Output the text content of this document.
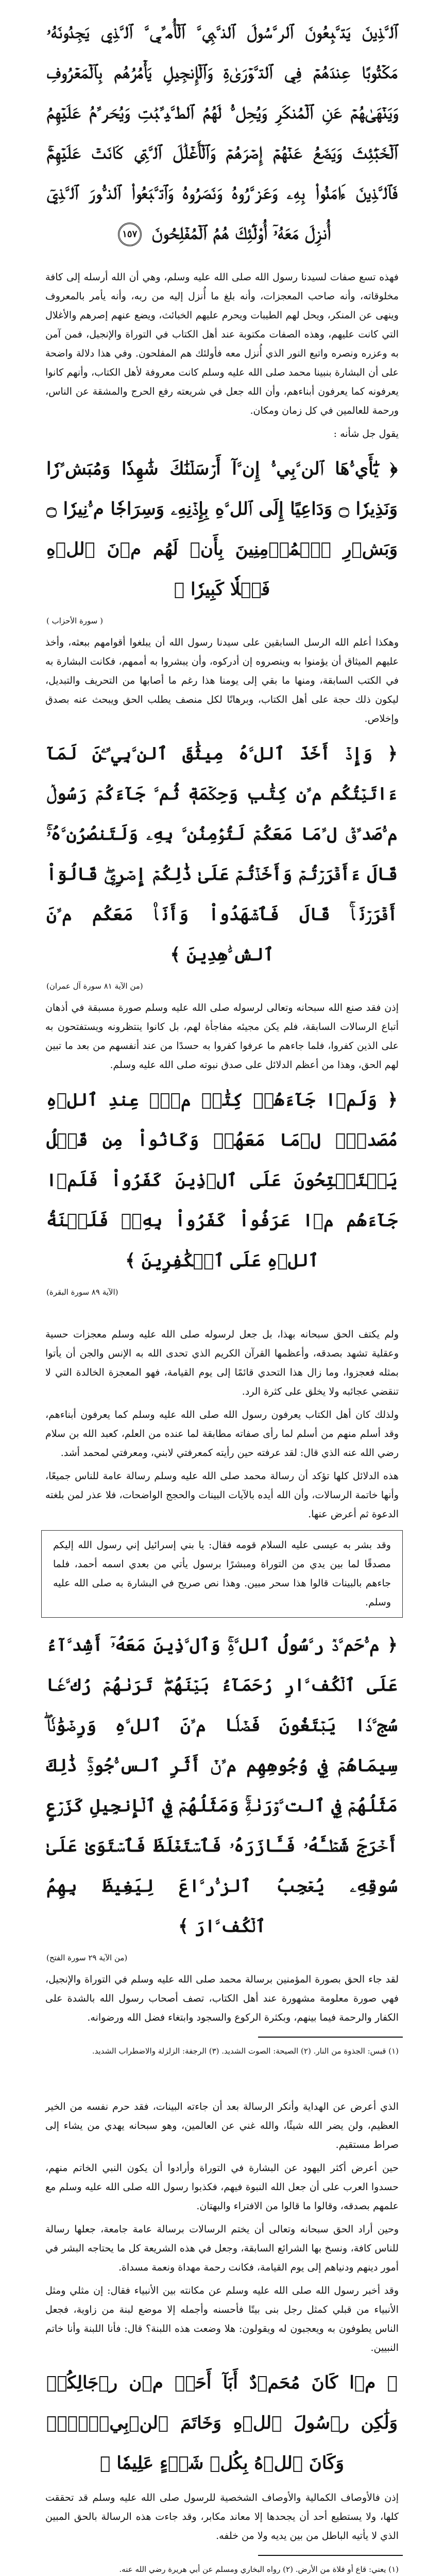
ﭐﻟﱠﺬِﻳﻦَ ﻳَﺘﱠﺒِﻌُﻮﻥَ ﭐﻟﺮﱠﺳُﻮﻝَ ﭐﻟﻨﱠﺒِﻲﱠ ﭐﻟۡﺄُﻣﱢﻲﱠ ﭐﻟﱠﺬِﻱ ﻳَﺠِﺪُﻭﻧَﻪُۥ ﻣَﻜۡﺘُﻮﺑًﺎ ﻋِﻨﺪَﻫُﻢۡ ﻓِﻲ ﭐﻟﺘﱠﻮۡﺭَﻯٰﺓِ ﻭَﭐﻟۡﺈِﻧﺠِﻴﻞِ ﻳَﺄۡﻣُﺮُﻫُﻢ ﺑِﭑﻟۡﻤَﻌۡﺮُﻭﻑِ ﻭَﻳَﻨۡﻬَﻰٰﻬُﻢۡ ﻋَﻦِ ﭐﻟۡﻤُﻨﻜَﺮِ ﻭَﻳُﺤِﻞﱡ ﻟَﻬُﻢُ ﭐﻟﻄﱠﻴﱢﺒَٰﺖِ ﻭَﻳُﺤَﺮﱢﻡُ ﻋَﻠَﻴۡﻬِﻢُ ﭐﻟۡﺨَﺒَٰٓﺌِﺚَ ﻭَﻳَﻀَﻊُ ﻋَﻨۡﻬُﻢۡ ﺇِﺻۡﺮَﻫُﻢۡ ﻭَﭐﻟۡﺄَﻏۡﻠَٰﻞَ ﭐﻟﱠﺘِﻲ ﻛَﺎﻧَﺖۡ ﻋَﻠَﻴۡﻬِﻢۡۚ ﻓَﭑﻟﱠﺬِﻳﻦَ ﺀَﺍﻣَﻨُﻮﺍْ ﺑِﻪِۦ ﻭَﻋَﺰﱠﺭُﻭﻩُ ﻭَﻧَﺼَﺮُﻭﻩُ ﻭَﭐﺗﱠﺒَﻌُﻮﺍْ ﭐﻟﻨﱡﻮﺭَ ﭐﻟﱠﺬِﻱٓ ﺃُﻧﺰِﻝَ ﻣَﻌَﻪُۥٓ ﺃُﻭْﻟَٰٓﺌِﻚَ ﻫُﻢُ ﭐﻟۡﻤُﻔۡﻠِﺤُﻮﻥَ ١٥٧

فهذه تسع صفات لسيدنا رسول الله صلى الله عليه وسلم، وهي أن الله أرسله إلى كافة مخلوقاته، وأنه صاحب المعجزات، وأنه بلغ ما أُنزل إليه من ربه، وأنه يأمر بالمعروف وينهى عن المنكر، ويحل لهم الطيبات ويحرم عليهم الخبائث، ويضع عنهم إصرهم والأغلال التي كانت عليهم، وهذه الصفات مكتوبة عند أهل الكتاب في التوراة والإنجيل، فمن آمن به وعزره ونصره واتبع النور الذي أُنزل معه فأولئك هم المفلحون. وفي هذا دلالة واضحة على أن البشارة بنبينا محمد صلى الله عليه وسلم كانت معروفة لأهل الكتاب، وأنهم كانوا يعرفونه كما يعرفون أبناءهم، وأن الله جعل في شريعته رفع الحرج والمشقة عن الناس، ورحمة للعالمين في كل زمان ومكان.

يقول جل شأنه :

﴿ يَٰٓأَيﱡهَا ٱلنﱠبِيﱡ إِنﱠآ أَرۡسَلۡنَٰكَ شَٰهِدٗا وَمُبَشﱢرٗا وَنَذِيرٗا ۝ وَدَاعِيًا إِلَى ٱللﱠهِ بِإِذۡنِهِۦ وَسِرَاجٗا مﱡنِيرٗا ۝ وَبَشﱢرِ ٱلۡمُؤۡمِنِينَ بِأَنﱠ لَهُم مﱢنَ ٱللﱠهِ فَضۡلٗا كَبِيرٗا ﴾

( سورة الأحزاب )

وهكذا أعلم الله الرسل السابقين على سيدنا رسول الله أن يبلغوا أقوامهم ببعثه، وأخذ عليهم الميثاق أن يؤمنوا به وينصروه إن أدركوه، وأن يبشروا به أممهم، فكانت البشارة به في الكتب السابقة، ومنها ما بقي إلى يومنا هذا رغم ما أصابها من التحريف والتبديل، ليكون ذلك حجة على أهل الكتاب، وبرهانًا لكل منصف يطلب الحق ويبحث عنه بصدق وإخلاص.

﴿ وَإِذۡ أَخَذَ ٱللﱠهُ مِيثَٰقَ ٱلنﱠبِيﱢـۧنَ لَمَآ ءَاتَيۡتُكُم مﱢن كِتَٰبٖ وَحِكۡمَةٖ ثُمﱠ جَآءَكُمۡ رَسُولٞ مﱡصَدﱢقٞ لﱢمَا مَعَكُمۡ لَتُؤۡمِنُنﱠ بِهِۦ وَلَتَنصُرُنﱠهُۥۚ قَالَ ءَأَقۡرَرۡتُمۡ وَأَخَذۡتُمۡ عَلَىٰ ذَٰلِكُمۡ إِصۡرِيۖ قَالُوٓاْ أَقۡرَرۡنَاۚ قَالَ فَٱشۡهَدُواْ وَأَنَا۠ مَعَكُم مﱢنَ ٱلشﱠٰهِدِينَ ﴾

(من الآية ٨١ سورة آل عمران)

إذن فقد صنع الله سبحانه وتعالى لرسوله صلى الله عليه وسلم صورة مسبقة في أذهان أتباع الرسالات السابقة، فلم يكن مجيئه مفاجأة لهم، بل كانوا ينتظرونه ويستفتحون به على الذين كفروا، فلما جاءهم ما عرفوا كفروا به حسدًا من عند أنفسهم من بعد ما تبين لهم الحق، وهذا من أعظم الدلائل على صدق نبوته صلى الله عليه وسلم.

﴿ وَلَمﱠا جَآءَهُمۡ كِتَٰبٞ مﱢنۡ عِندِ ٱللﱠهِ مُصَدﱢقٞ لﱢمَا مَعَهُمۡ وَكَانُواْ مِن قَبۡلُ يَسۡتَفۡتِحُونَ عَلَى ٱلﱠذِينَ كَفَرُواْ فَلَمﱠا جَآءَهُم مﱠا عَرَفُواْ كَفَرُواْ بِهِۦۚ فَلَعۡنَةُ ٱللﱠهِ عَلَى ٱلۡكَٰفِرِينَ ﴾

(الآية ٨٩ سورة البقرة)

ولم يكتف الحق سبحانه بهذا، بل جعل لرسوله صلى الله عليه وسلم معجزات حسية وعقلية تشهد بصدقه، وأعظمها القرآن الكريم الذي تحدى الله به الإنس والجن أن يأتوا بمثله فعجزوا، وما زال هذا التحدي قائمًا إلى يوم القيامة، فهو المعجزة الخالدة التي لا تنقضي عجائبه ولا يخلق على كثرة الرد.

ولذلك كان أهل الكتاب يعرفون رسول الله صلى الله عليه وسلم كما يعرفون أبناءهم، وقد أسلم منهم من أسلم لما رأى صفاته مطابقة لما عنده من العلم، كعبد الله بن سلام رضي الله عنه الذي قال: لقد عرفته حين رأيته كمعرفتي لابني، ومعرفتي لمحمد أشد.

هذه الدلائل كلها تؤكد أن رسالة محمد صلى الله عليه وسلم رسالة عامة للناس جميعًا، وأنها خاتمة الرسالات، وأن الله أيده بالآيات البينات والحجج الواضحات، فلا عذر لمن بلغته الدعوة ثم أعرض عنها.

وقد بشر به عيسى عليه السلام قومه فقال: يا بني إسرائيل إني رسول الله إليكم مصدقًا لما بين يدي من التوراة ومبشرًا برسول يأتي من بعدي اسمه أحمد، فلما جاءهم بالبينات قالوا هذا سحر مبين. وهذا نص صريح في البشارة به صلى الله عليه وسلم.

﴿ مﱡحَمﱠدٞ رﱠسُولُ ٱللﱠهِۚ وَٱلﱠذِينَ مَعَهُۥٓ أَشِدﱠآءُ عَلَى ٱلۡكُفﱠارِ رُحَمَآءُ بَيۡنَهُمۡۖ تَرَىٰهُمۡ رُكﱠعٗا سُجﱠدٗا يَبۡتَغُونَ فَضۡلٗا مﱢنَ ٱللﱠهِ وَرِضۡوَٰنٗاۖ سِيمَاهُمۡ فِي وُجُوهِهِم مﱢنۡ أَثَرِ ٱلسﱡجُودِۚ ذَٰلِكَ مَثَلُهُمۡ فِي ٱلتﱠوۡرَىٰةِۚ وَمَثَلُهُمۡ فِي ٱلۡإِنجِيلِ كَزَرۡعٍ أَخۡرَجَ شَطۡـَٔهُۥ فَـَٔازَرَهُۥ فَٱسۡتَغۡلَظَ فَٱسۡتَوَىٰ عَلَىٰ سُوقِهِۦ يُعۡجِبُ ٱلزﱡرﱠاعَ لِيَغِيظَ بِهِمُ ٱلۡكُفﱠارَ ﴾

(من الآية ٢٩ سورة الفتح)

لقد جاء الحق بصورة المؤمنين برسالة محمد صلى الله عليه وسلم في التوراة والإنجيل، فهي صورة معلومة مشهورة عند أهل الكتاب، تصف أصحاب رسول الله بالشدة على الكفار والرحمة فيما بينهم، وبكثرة الركوع والسجود وابتغاء فضل الله ورضوانه.

(١) قبس: الجذوة من النار. (٢) الصيحة: الصوت الشديد. (٣) الرجفة: الزلزلة والاضطراب الشديد.

الذي أعرض عن الهداية وأنكر الرسالة بعد أن جاءته البينات، فقد حرم نفسه من الخير العظيم، ولن يضر الله شيئًا، والله غني عن العالمين، وهو سبحانه يهدي من يشاء إلى صراط مستقيم.

حين أعرض أكثر اليهود عن البشارة في التوراة وأرادوا أن يكون النبي الخاتم منهم، حسدوا العرب على أن جعل الله النبوة فيهم، فكذبوا رسول الله صلى الله عليه وسلم مع علمهم بصدقه، وقالوا ما قالوا من الافتراء والبهتان.

وحين أراد الحق سبحانه وتعالى أن يختم الرسالات برسالة عامة جامعة، جعلها رسالة للناس كافة، ونسخ بها الشرائع السابقة، وجعل في هذه الشريعة كل ما يحتاجه البشر في أمور دينهم ودنياهم إلى يوم القيامة، فكانت رحمة مهداة ونعمة مسداة.

وقد أخبر رسول الله صلى الله عليه وسلم عن مكانته بين الأنبياء فقال: إن مثلي ومثل الأنبياء من قبلي كمثل رجل بنى بيتًا فأحسنه وأجمله إلا موضع لبنة من زاوية، فجعل الناس يطوفون به ويعجبون له ويقولون: هلا وضعت هذه اللبنة؟ قال: فأنا اللبنة وأنا خاتم النبيين.

﴿ مﱠا كَانَ مُحَمﱠدٌ أَبَآ أَحَدٖ مﱢن رﱢجَالِكُمۡ وَلَٰكِن رﱠسُولَ ٱللﱠهِ وَخَاتَمَ ٱلنﱠبِيﱢـۧنَۗ وَكَانَ ٱللﱠهُ بِكُلﱢ شَيۡءٍ عَلِيمٗا ﴾

إذن فالأوصاف الكمالية والأوصاف الشخصية للرسول صلى الله عليه وسلم قد تحققت كلها، ولا يستطيع أحد أن يجحدها إلا معاند مكابر، وقد جاءت هذه الرسالة بالحق المبين الذي لا يأتيه الباطل من بين يديه ولا من خلفه.

(١) يعني: قاع أو فلاة من الأرض. (٢) رواه البخاري ومسلم عن أبي هريرة رضي الله عنه.
